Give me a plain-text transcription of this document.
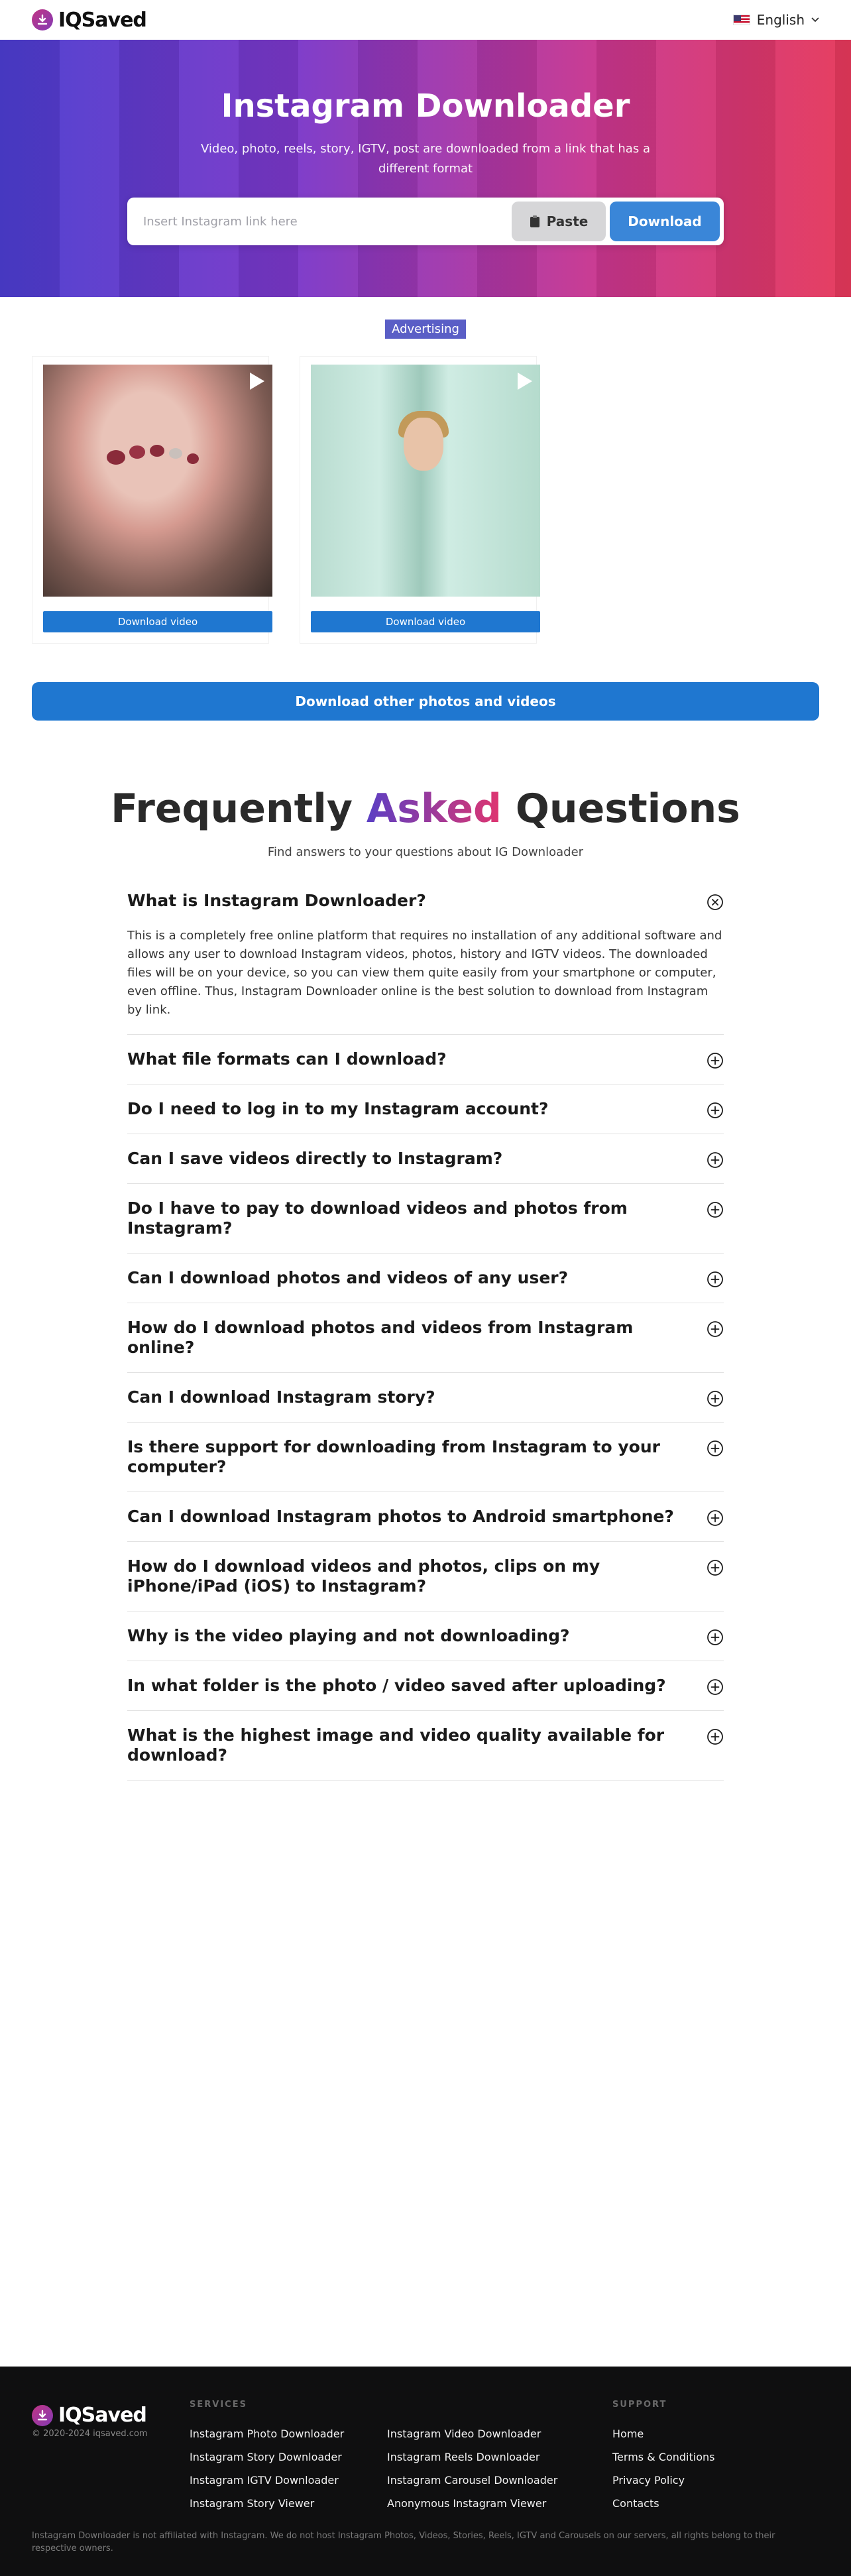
IQSaved	English
Instagram Downloader

Video, photo, reels, story, IGTV, post are downloaded from a link that has a different format

Insert Instagram link here
Paste	Download
Advertising
Download video	Download video
Download other photos and videos
Frequently Asked Questions

Find answers to your questions about IG Downloader

What is Instagram Downloader?

This is a completely free online platform that requires no installation of any additional software and allows any user to download Instagram videos, photos, history and IGTV videos. The downloaded files will be on your device, so you can view them quite easily from your smartphone or computer, even offline. Thus, Instagram Downloader online is the best solution to download from Instagram by link.

What file formats can I download?
Do I need to log in to my Instagram account?
Can I save videos directly to Instagram?
Do I have to pay to download videos and photos from Instagram?
Can I download photos and videos of any user?
How do I download photos and videos from Instagram online?
Can I download Instagram story?
Is there support for downloading from Instagram to your computer?
Can I download Instagram photos to Android smartphone?
How do I download videos and photos, clips on my iPhone/iPad (iOS) to Instagram?
Why is the video playing and not downloading?
In what folder is the photo / video saved after uploading?
What is the highest image and video quality available for download?
IQSaved
© 2020-2024 iqsaved.com
SERVICES
Instagram Photo Downloader
Instagram Story Downloader
Instagram IGTV Downloader
Instagram Story Viewer
Instagram Video Downloader
Instagram Reels Downloader
Instagram Carousel Downloader
Anonymous Instagram Viewer
SUPPORT
Home
Terms & Conditions
Privacy Policy
Contacts

Instagram Downloader is not affiliated with Instagram. We do not host Instagram Photos, Videos, Stories, Reels, IGTV and Carousels on our servers, all rights belong to their respective owners.
